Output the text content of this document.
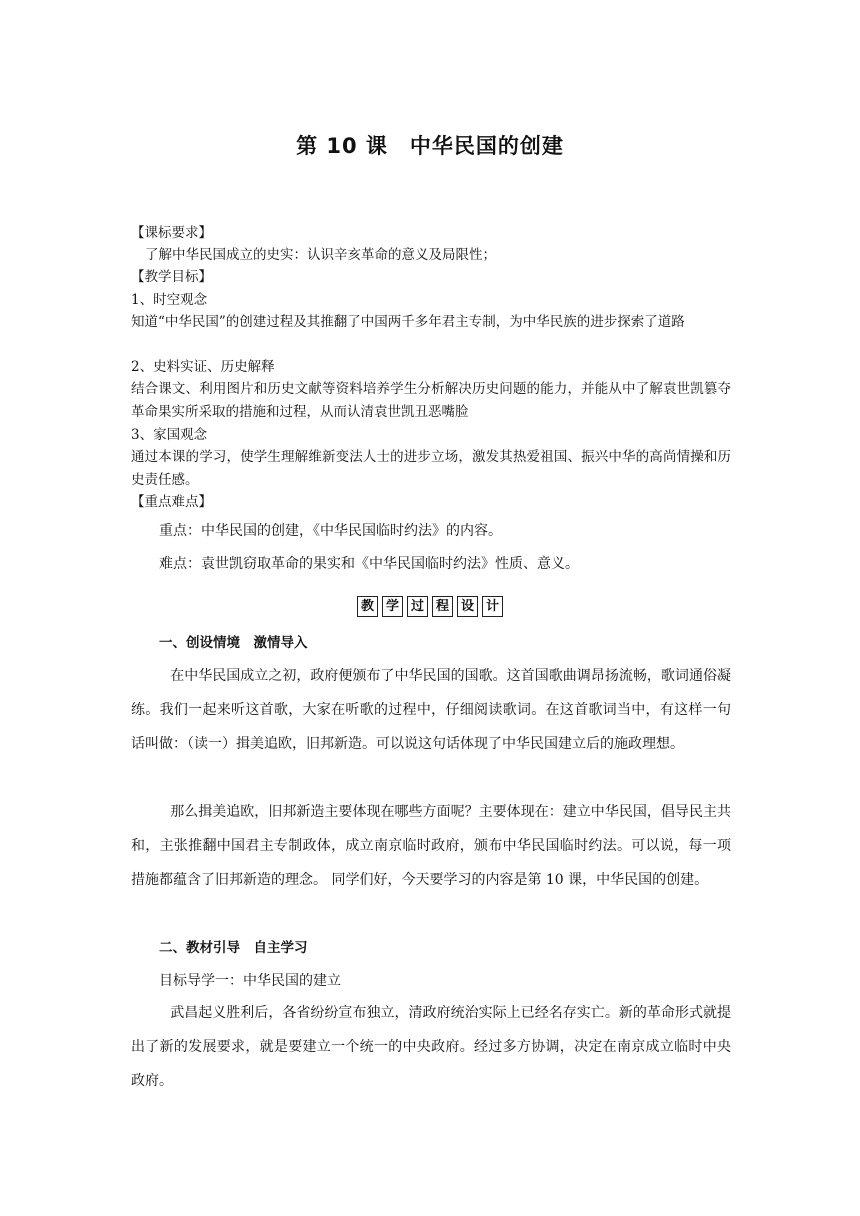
第 10 课　中华民国的创建
【课标要求】
了解中华民国成立的史实：认识辛亥革命的意义及局限性；
【教学目标】
1、时空观念
知道“中华民国”的创建过程及其推翻了中国两千多年君主专制，为中华民族的进步探索了道路
2、史料实证、历史解释
结合课文、利用图片和历史文献等资料培养学生分析解决历史问题的能力，并能从中了解袁世凯篡夺革命果实所采取的措施和过程，从而认清袁世凯丑恶嘴脸
3、家国观念
通过本课的学习，使学生理解维新变法人士的进步立场，激发其热爱祖国、振兴中华的高尚情操和历史责任感。
【重点难点】
重点：中华民国的创建，《中华民国临时约法》的内容。
难点：袁世凯窃取革命的果实和《中华民国临时约法》性质、意义。
教 学 过 程 设 计
一、创设情境　激情导入
在中华民国成立之初，政府便颁布了中华民国的国歌。这首国歌曲调昂扬流畅，歌词通俗凝练。我们一起来听这首歌，大家在听歌的过程中，仔细阅读歌词。在这首歌词当中，有这样一句话叫做：（读一）揖美追欧，旧邦新造。可以说这句话体现了中华民国建立后的施政理想。
那么揖美追欧，旧邦新造主要体现在哪些方面呢？主要体现在：建立中华民国，倡导民主共和，主张推翻中国君主专制政体，成立南京临时政府，颁布中华民国临时约法。可以说，每一项措施都蕴含了旧邦新造的理念。 同学们好，今天要学习的内容是第 10 课，中华民国的创建。
二、教材引导　自主学习
目标导学一：中华民国的建立
武昌起义胜利后，各省纷纷宣布独立，清政府统治实际上已经名存实亡。新的革命形式就提出了新的发展要求，就是要建立一个统一的中央政府。经过多方协调，决定在南京成立临时中央政府。
